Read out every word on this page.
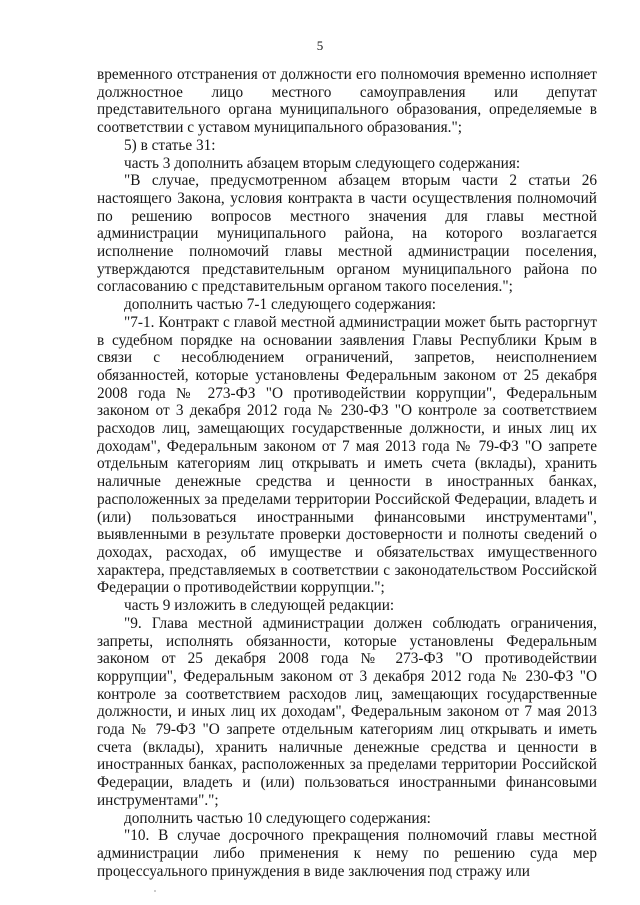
5

временного отстранения от должности его полномочия временно исполняет должностное лицо местного самоуправления или депутат представительного органа муниципального образования, определяемые в соответствии с уставом муниципального образования.";

5) в статье 31:

часть 3 дополнить абзацем вторым следующего содержания:

"В случае, предусмотренном абзацем вторым части 2 статьи 26 настоящего Закона, условия контракта в части осуществления полномочий по решению вопросов местного значения для главы местной администрации муниципального района, на которого возлагается исполнение полномочий главы местной администрации поселения, утверждаются представительным органом муниципального района по согласованию с представительным органом такого поселения.";

дополнить частью 7-1 следующего содержания:

"7-1. Контракт с главой местной администрации может быть расторгнут в судебном порядке на основании заявления Главы Республики Крым в связи с несоблюдением ограничений, запретов, неисполнением обязанностей, которые установлены Федеральным законом от 25 декабря 2008 года № 273-ФЗ "О противодействии коррупции", Федеральным законом от 3 декабря 2012 года № 230-ФЗ "О контроле за соответствием расходов лиц, замещающих государственные должности, и иных лиц их доходам", Федеральным законом от 7 мая 2013 года № 79-ФЗ "О запрете отдельным категориям лиц открывать и иметь счета (вклады), хранить наличные денежные средства и ценности в иностранных банках, расположенных за пределами территории Российской Федерации, владеть и (или) пользоваться иностранными финансовыми инструментами", выявленными в результате проверки достоверности и полноты сведений о доходах, расходах, об имуществе и обязательствах имущественного характера, представляемых в соответствии с законодательством Российской Федерации о противодействии коррупции.";

часть 9 изложить в следующей редакции:

"9. Глава местной администрации должен соблюдать ограничения, запреты, исполнять обязанности, которые установлены Федеральным законом от 25 декабря 2008 года № 273-ФЗ "О противодействии коррупции", Федеральным законом от 3 декабря 2012 года № 230-ФЗ "О контроле за соответствием расходов лиц, замещающих государственные должности, и иных лиц их доходам", Федеральным законом от 7 мая 2013 года № 79-ФЗ "О запрете отдельным категориям лиц открывать и иметь счета (вклады), хранить наличные денежные средства и ценности в иностранных банках, расположенных за пределами территории Российской Федерации, владеть и (или) пользоваться иностранными финансовыми инструментами".";

дополнить частью 10 следующего содержания:

"10. В случае досрочного прекращения полномочий главы местной администрации либо применения к нему по решению суда мер процессуального принуждения в виде заключения под стражу или
